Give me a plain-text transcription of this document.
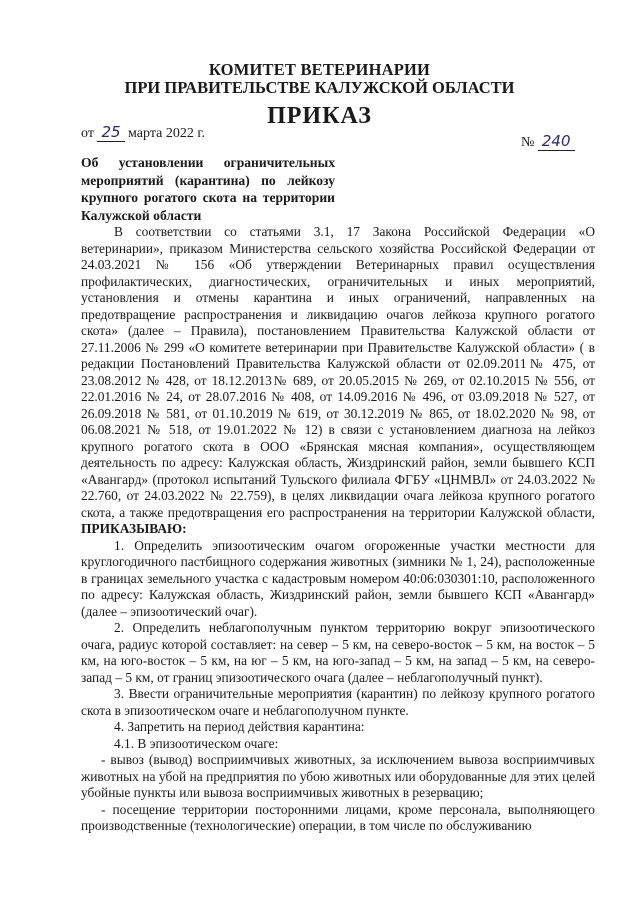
КОМИТЕТ ВЕТЕРИНАРИИ
ПРИ ПРАВИТЕЛЬСТВЕ КАЛУЖСКОЙ ОБЛАСТИ
ПРИКАЗ
от 25 марта 2022 г.
№ 240
Об установлении ограничительных мероприятий (карантина) по лейкозу крупного рогатого скота на территории Калужской области

В соответствии со статьями 3.1, 17 Закона Российской Федерации «О ветеринарии», приказом Министерства сельского хозяйства Российской Федерации от 24.03.2021 № 156 «Об утверждении Ветеринарных правил осуществления профилактических, диагностических, ограничительных и иных мероприятий, установления и отмены карантина и иных ограничений, направленных на предотвращение распространения и ликвидацию очагов лейкоза крупного рогатого скота» (далее – Правила), постановлением Правительства Калужской области от 27.11.2006 № 299 «О комитете ветеринарии при Правительстве Калужской области» ( в редакции Постановлений Правительства Калужской области от 02.09.2011№ 475, от 23.08.2012 № 428, от 18.12.2013№ 689, от 20.05.2015 № 269, от 02.10.2015 № 556, от 22.01.2016 № 24, от 28.07.2016 № 408, от 14.09.2016 № 496, от 03.09.2018 № 527, от 26.09.2018 № 581, от 01.10.2019 № 619, от 30.12.2019 № 865, от 18.02.2020 № 98, от 06.08.2021 № 518, от 19.01.2022 № 12) в связи с установлением диагноза на лейкоз крупного рогатого скота в ООО «Брянская мясная компания», осуществляющем деятельность по адресу: Калужская область, Жиздринский район, земли бывшего КСП «Авангард» (протокол испытаний Тульского филиала ФГБУ «ЦНМВЛ» от 24.03.2022 № 22.760, от 24.03.2022 № 22.759), в целях ликвидации очага лейкоза крупного рогатого скота, а также предотвращения его распространения на территории Калужской области, ПРИКАЗЫВАЮ:

1. Определить эпизоотическим очагом огороженные участки местности для круглогодичного пастбищного содержания животных (зимники № 1, 24), расположенные в границах земельного участка с кадастровым номером 40:06:030301:10, расположенного по адресу: Калужская область, Жиздринский район, земли бывшего КСП «Авангард» (далее – эпизоотический очаг).

2. Определить неблагополучным пунктом территорию вокруг эпизоотического очага, радиус которой составляет: на север – 5 км, на северо-восток – 5 км, на восток – 5 км, на юго-восток – 5 км, на юг – 5 км, на юго-запад – 5 км, на запад – 5 км, на северо-запад – 5 км, от границ эпизоотического очага (далее – неблагополучный пункт).

3. Ввести ограничительные мероприятия (карантин) по лейкозу крупного рогатого скота в эпизоотическом очаге и неблагополучном пункте.

4. Запретить на период действия карантина:

4.1. В эпизоотическом очаге:

- вывоз (вывод) восприимчивых животных, за исключением вывоза восприимчивых животных на убой на предприятия по убою животных или оборудованные для этих целей убойные пункты или вывоза восприимчивых животных в резервацию;

- посещение территории посторонними лицами, кроме персонала, выполняющего производственные (технологические) операции, в том числе по обслуживанию
